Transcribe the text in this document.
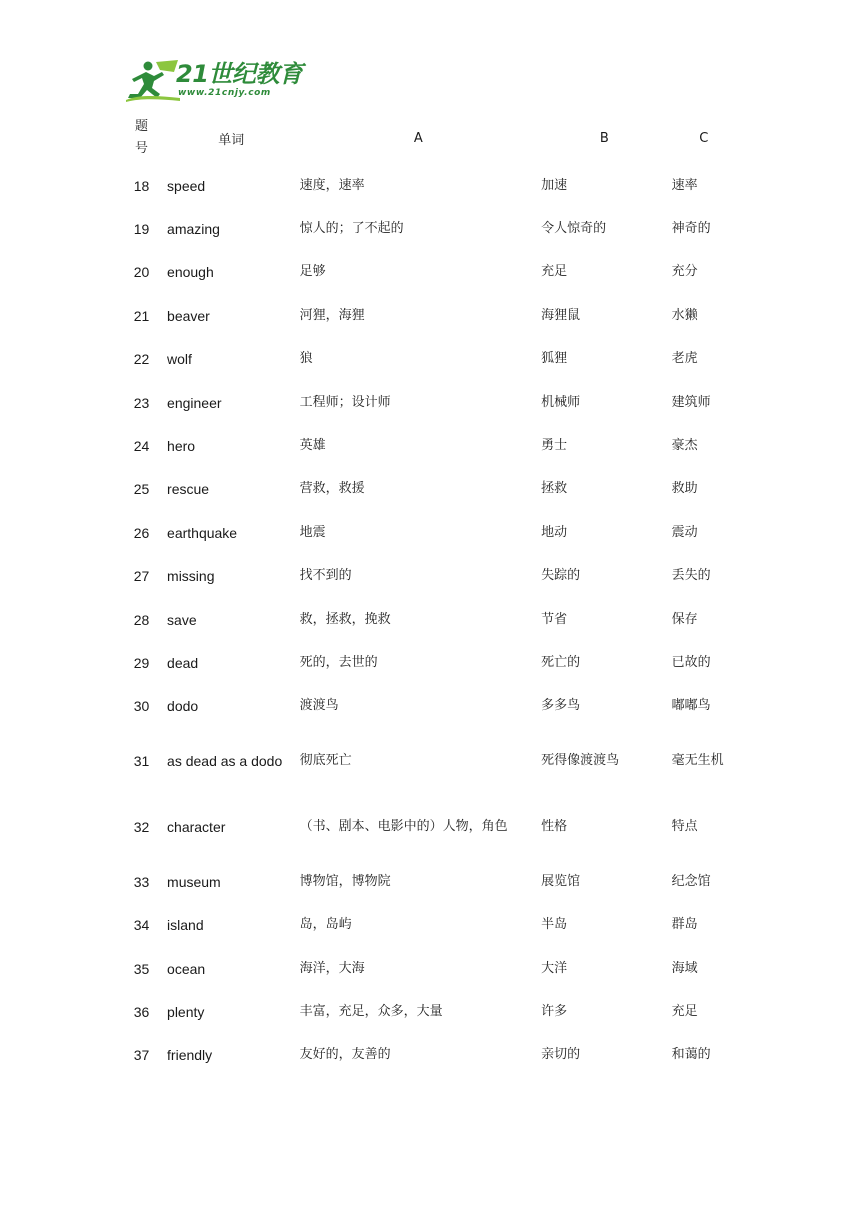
21世纪教育
www.21cnjy.com
题号	单词	A	B	C
18	speed	速度，速率	加速	速率
19	amazing	惊人的；了不起的	令人惊奇的	神奇的
20	enough	足够	充足	充分
21	beaver	河狸，海狸	海狸鼠	水獭
22	wolf	狼	狐狸	老虎
23	engineer	工程师；设计师	机械师	建筑师
24	hero	英雄	勇士	豪杰
25	rescue	营救，救援	拯救	救助
26	earthquake	地震	地动	震动
27	missing	找不到的	失踪的	丢失的
28	save	救，拯救，挽救	节省	保存
29	dead	死的，去世的	死亡的	已故的
30	dodo	渡渡鸟	多多鸟	嘟嘟鸟
31	as dead as a dodo	彻底死亡	死得像渡渡鸟	毫无生机
32	character	（书、剧本、电影中的）人物，角色	性格	特点
33	museum	博物馆，博物院	展览馆	纪念馆
34	island	岛，岛屿	半岛	群岛
35	ocean	海洋，大海	大洋	海域
36	plenty	丰富，充足，众多，大量	许多	充足
37	friendly	友好的，友善的	亲切的	和蔼的
